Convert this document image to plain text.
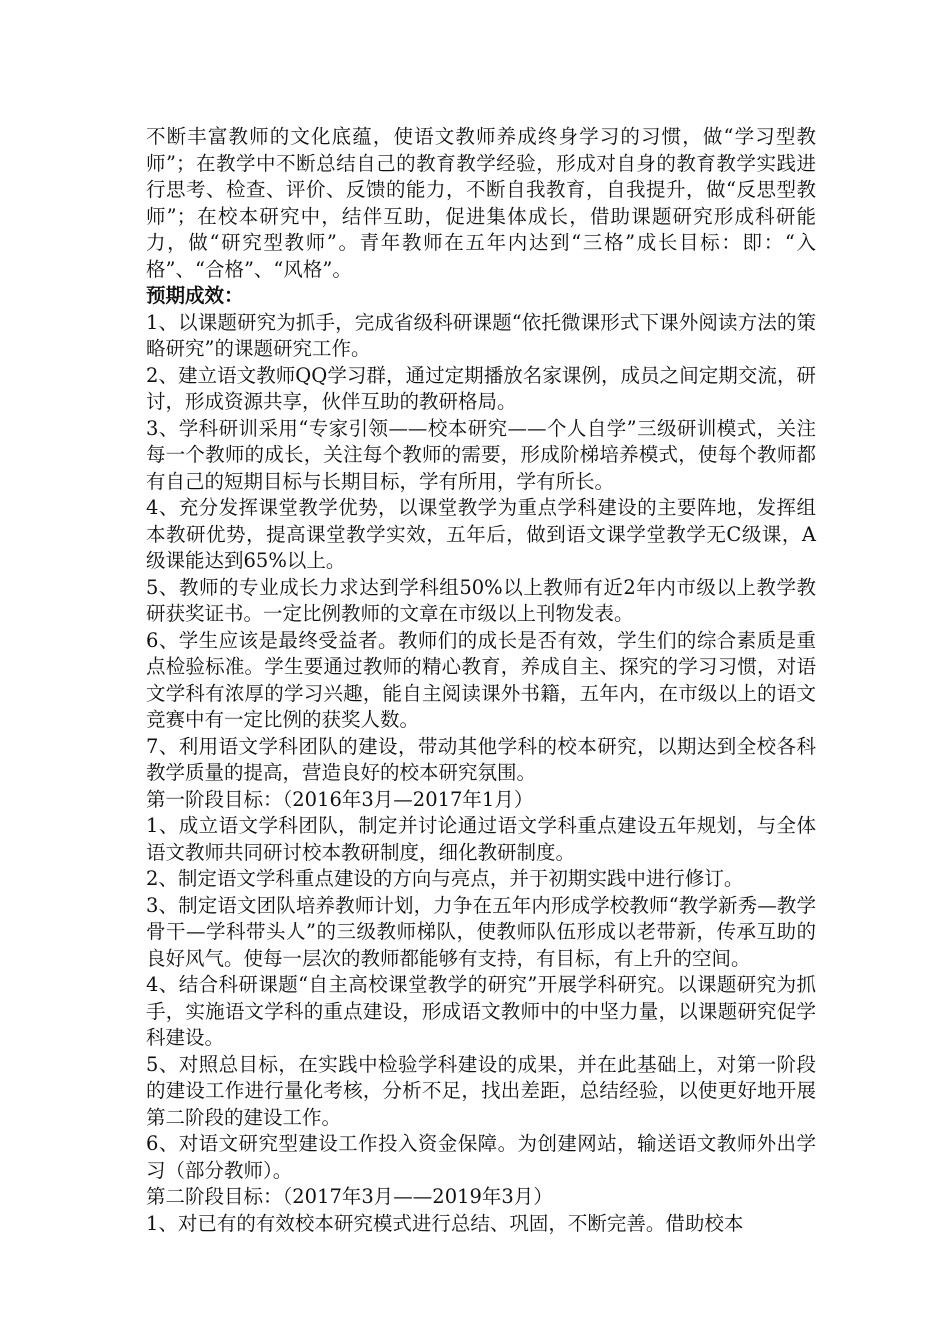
不断丰富教师的文化底蕴，使语文教师养成终身学习的习惯，做“学习型教师”；在教学中不断总结自己的教育教学经验，形成对自身的教育教学实践进行思考、检查、评价、反馈的能力，不断自我教育，自我提升，做“反思型教师”；在校本研究中，结伴互助，促进集体成长，借助课题研究形成科研能力，做“研究型教师”。青年教师在五年内达到“三格”成长目标：即：“入格”、“合格”、“风格”。

预期成效：

1、以课题研究为抓手，完成省级科研课题“依托微课形式下课外阅读方法的策略研究”的课题研究工作。

2、建立语文教师QQ学习群，通过定期播放名家课例，成员之间定期交流，研讨，形成资源共享，伙伴互助的教研格局。

3、学科研训采用“专家引领——校本研究——个人自学”三级研训模式，关注每一个教师的成长，关注每个教师的需要，形成阶梯培养模式，使每个教师都有自己的短期目标与长期目标，学有所用，学有所长。

4、充分发挥课堂教学优势，以课堂教学为重点学科建设的主要阵地，发挥组本教研优势，提高课堂教学实效，五年后，做到语文课学堂教学无C级课，A级课能达到65%以上。

5、教师的专业成长力求达到学科组50%以上教师有近2年内市级以上教学教研获奖证书。一定比例教师的文章在市级以上刊物发表。

6、学生应该是最终受益者。教师们的成长是否有效，学生们的综合素质是重点检验标准。学生要通过教师的精心教育，养成自主、探究的学习习惯，对语文学科有浓厚的学习兴趣，能自主阅读课外书籍，五年内，在市级以上的语文竞赛中有一定比例的获奖人数。

7、利用语文学科团队的建设，带动其他学科的校本研究，以期达到全校各科教学质量的提高，营造良好的校本研究氛围。

第一阶段目标：（2016年3月—2017年1月）

1、成立语文学科团队，制定并讨论通过语文学科重点建设五年规划，与全体语文教师共同研讨校本教研制度，细化教研制度。

2、制定语文学科重点建设的方向与亮点，并于初期实践中进行修订。

3、制定语文团队培养教师计划，力争在五年内形成学校教师“教学新秀—教学骨干—学科带头人”的三级教师梯队，使教师队伍形成以老带新，传承互助的良好风气。使每一层次的教师都能够有支持，有目标，有上升的空间。

4、结合科研课题“自主高校课堂教学的研究”开展学科研究。以课题研究为抓手，实施语文学科的重点建设，形成语文教师中的中坚力量，以课题研究促学科建设。

5、对照总目标，在实践中检验学科建设的成果，并在此基础上，对第一阶段的建设工作进行量化考核，分析不足，找出差距，总结经验，以使更好地开展第二阶段的建设工作。

6、对语文研究型建设工作投入资金保障。为创建网站，输送语文教师外出学习（部分教师）。

第二阶段目标：（2017年3月——2019年3月）

1、对已有的有效校本研究模式进行总结、巩固，不断完善。借助校本
